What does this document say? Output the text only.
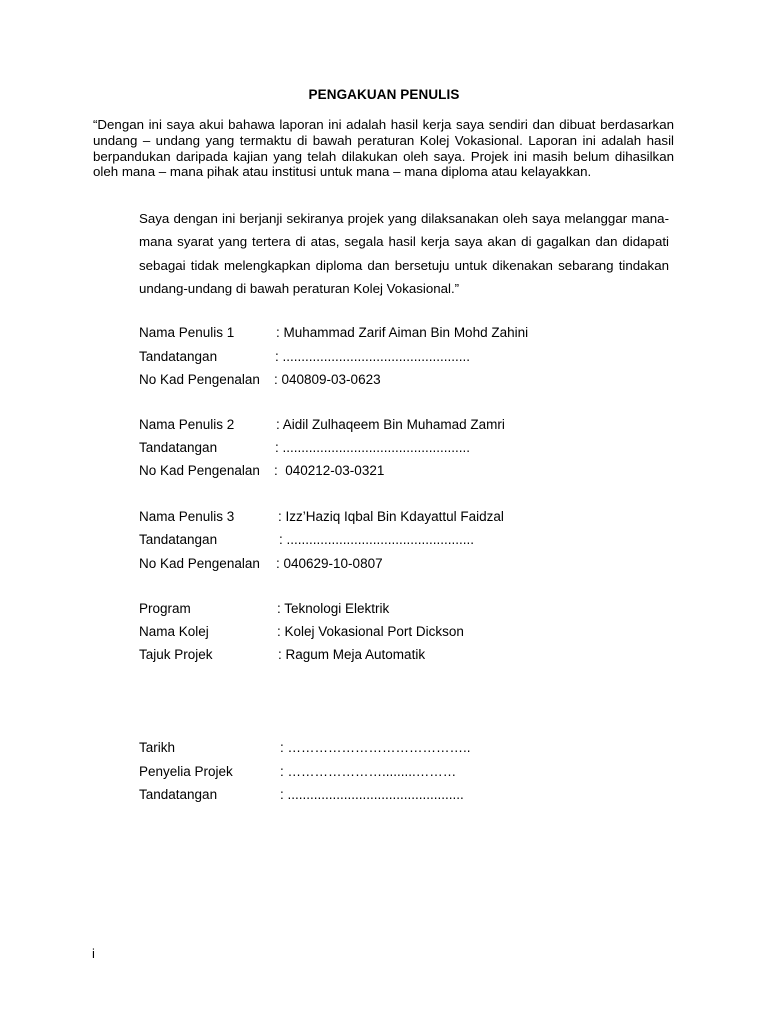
PENGAKUAN PENULIS

“Dengan ini saya akui bahawa laporan ini adalah hasil kerja saya sendiri dan dibuat berdasarkan undang – undang yang termaktu di bawah peraturan Kolej Vokasional. Laporan ini adalah hasil berpandukan daripada kajian yang telah dilakukan oleh saya. Projek ini masih belum dihasilkan oleh mana – mana pihak atau institusi untuk mana – mana diploma atau kelayakkan.

Saya dengan ini berjanji sekiranya projek yang dilaksanakan oleh saya melanggar mana-mana syarat yang tertera di atas, segala hasil kerja saya akan di gagalkan dan didapati sebagai tidak melengkapkan diploma dan bersetuju untuk dikenakan sebarang tindakan undang-undang di bawah peraturan Kolej Vokasional.”

Nama Penulis 1

	: Muhammad Zarif Aiman Bin Mohd Zahini

Tandatangan

	: ..................................................

No Kad Pengenalan

: 040809-03-0623

Nama Penulis 2

	: Aidil Zulhaqeem Bin Muhamad Zamri

Tandatangan

	: ..................................................

No Kad Pengenalan

:  040212-03-0321

Nama Penulis 3

	: Izz’Haziq Iqbal Bin Kdayattul Faidzal

Tandatangan

	: ..................................................

No Kad Pengenalan

: 040629-10-0807

Program

	: Teknologi Elektrik

Nama Kolej

	: Kolej Vokasional Port Dickson

Tajuk Projek

	: Ragum Meja Automatik

Tarikh

	: …………………………………..

Penyelia Projek

	: ………………….........………

Tandatangan

	: ...............................................

i
